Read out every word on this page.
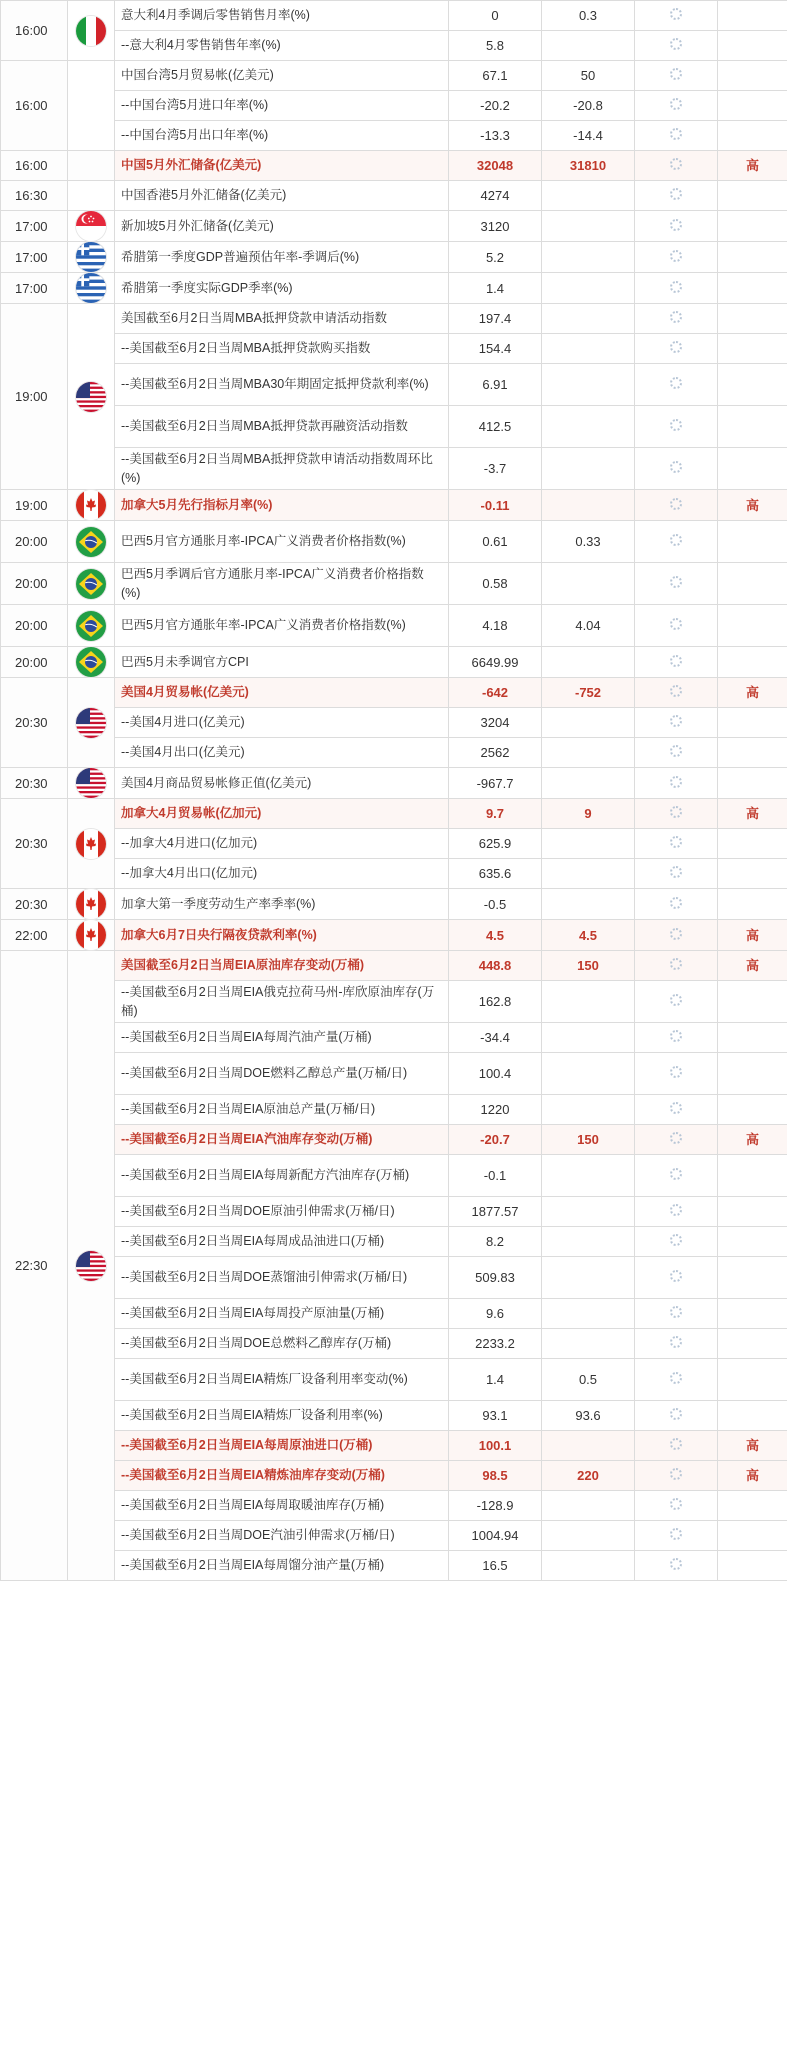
16:00		意大利4月季调后零售销售月率(%)	0	0.3		
		--意大利4月零售销售年率(%)	5.8			
16:00		中国台湾5月贸易帐(亿美元)	67.1	50		
		--中国台湾5月进口年率(%)	-20.2	-20.8		
		--中国台湾5月出口年率(%)	-13.3	-14.4		
16:00		中国5月外汇储备(亿美元)	32048	31810		高
16:30		中国香港5月外汇储备(亿美元)	4274			
17:00		新加坡5月外汇储备(亿美元)	3120			
17:00		希腊第一季度GDP普遍预估年率-季调后(%)	5.2			
17:00		希腊第一季度实际GDP季率(%)	1.4			
19:00		美国截至6月2日当周MBA抵押贷款申请活动指数	197.4			
		--美国截至6月2日当周MBA抵押贷款购买指数	154.4			
		--美国截至6月2日当周MBA30年期固定抵押贷款利率(%)	6.91			
		--美国截至6月2日当周MBA抵押贷款再融资活动指数	412.5			
		--美国截至6月2日当周MBA抵押贷款申请活动指数周环比(%)	-3.7			
19:00		加拿大5月先行指标月率(%)	-0.11			高
20:00		巴西5月官方通胀月率-IPCA广义消费者价格指数(%)	0.61	0.33		
20:00		巴西5月季调后官方通胀月率-IPCA广义消费者价格指数(%)	0.58			
20:00		巴西5月官方通胀年率-IPCA广义消费者价格指数(%)	4.18	4.04		
20:00		巴西5月未季调官方CPI	6649.99			
20:30		美国4月贸易帐(亿美元)	-642	-752		高
		--美国4月进口(亿美元)	3204			
		--美国4月出口(亿美元)	2562			
20:30		美国4月商品贸易帐修正值(亿美元)	-967.7			
20:30		加拿大4月贸易帐(亿加元)	9.7	9		高
		--加拿大4月进口(亿加元)	625.9			
		--加拿大4月出口(亿加元)	635.6			
20:30		加拿大第一季度劳动生产率季率(%)	-0.5			
22:00		加拿大6月7日央行隔夜贷款利率(%)	4.5	4.5		高
22:30		美国截至6月2日当周EIA原油库存变动(万桶)	448.8	150		高
		--美国截至6月2日当周EIA俄克拉荷马州-库欣原油库存(万桶)	162.8			
		--美国截至6月2日当周EIA每周汽油产量(万桶)	-34.4			
		--美国截至6月2日当周DOE燃料乙醇总产量(万桶/日)	100.4			
		--美国截至6月2日当周EIA原油总产量(万桶/日)	1220			
		--美国截至6月2日当周EIA汽油库存变动(万桶)	-20.7	150		高
		--美国截至6月2日当周EIA每周新配方汽油库存(万桶)	-0.1			
		--美国截至6月2日当周DOE原油引伸需求(万桶/日)	1877.57			
		--美国截至6月2日当周EIA每周成品油进口(万桶)	8.2			
		--美国截至6月2日当周DOE蒸馏油引伸需求(万桶/日)	509.83			
		--美国截至6月2日当周EIA每周投产原油量(万桶)	9.6			
		--美国截至6月2日当周DOE总燃料乙醇库存(万桶)	2233.2			
		--美国截至6月2日当周EIA精炼厂设备利用率变动(%)	1.4	0.5		
		--美国截至6月2日当周EIA精炼厂设备利用率(%)	93.1	93.6		
		--美国截至6月2日当周EIA每周原油进口(万桶)	100.1			高
		--美国截至6月2日当周EIA精炼油库存变动(万桶)	98.5	220		高
		--美国截至6月2日当周EIA每周取暖油库存(万桶)	-128.9			
		--美国截至6月2日当周DOE汽油引伸需求(万桶/日)	1004.94			
		--美国截至6月2日当周EIA每周馏分油产量(万桶)	16.5			
